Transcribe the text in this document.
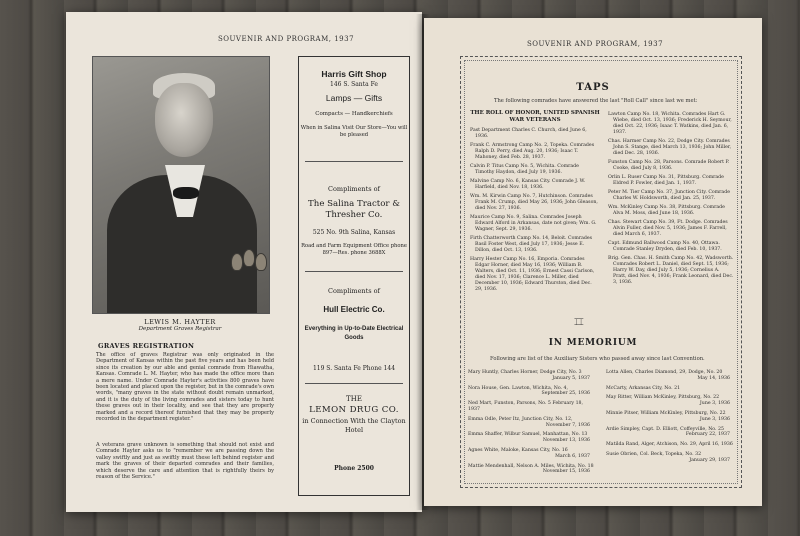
SOUVENIR AND PROGRAM, 1937
LEWIS M. HAYTER
Department Graves Registrar
GRAVES REGISTRATION
The office of graves Registrar was only originated in the Department of Kansas within the past five years and has been held since its creation by our able and genial comrade from Hiawatha, Kansas. Comrade L. M. Hayter, who has made the office more than a mere name. Under Comrade Hayter's activities 800 graves have been located and placed upon the register, but in the comrade's own words, "many graves in the state without doubt remain unmarked, and it is the duty of the living comrades and sisters today to hunt these graves out in their locality, and see that they are properly marked and a record thereof furnished that they may be properly recorded in the department register."
A veterans grave unknown is something that should not exist and Comrade Hayter asks us to "remember we are passing down the valley swiftly and just as swiftly must these left behind register and mark the graves of their departed comrades and their families, which deserve the care and attention that is rightfully theirs by reason of the Service."
Harris Gift Shop
146 S. Santa Fe
Lamps — Gifts
Compacts — Handkerchiefs
When in Salina Visit Our Store—You will be pleased
Compliments of
The Salina Tractor & Thresher Co.
525 No. 9th Salina, Kansas
Road and Farm Equipment Office phone 897—Res. phone 3688X
Compliments of
Hull Electric Co.
Everything in Up-to-Date Electrical Goods
119 S. Santa Fe Phone 144
THE
LEMON DRUG CO.
in Connection With the Clayton Hotel
Phone 2500
SOUVENIR AND PROGRAM, 1937
TAPS
The following comrades have answered the last "Roll Call" since last we met:
THE ROLL OF HONOR, UNITED SPANISH WAR VETERANS

Past Department Charles C. Church, died June 6, 1936.

Frank C. Armstrong Camp No. 2, Topeka. Comrades Ralph D. Perry, died Aug. 20, 1936; Isaac T. Mahoney, died Feb. 28, 1937.

Calvin P. Titus Camp No. 5, Wichita. Comrade Timothy Haydon, died July 19, 1936.

Malvine Camp No. 6, Kansas City. Comrade J. W. Harfield, died Nov. 18, 1936.

Wm. M. Kirwin Camp No. 7, Hutchinson. Comrades Frank M. Crump, died May 26, 1936; John Gleason, died Nov. 27, 1936.

Maurice Camp No. 9, Salina. Comrades Joseph Edward Alford in Arkansas, date not given; Wm. G. Wagner, Sept. 29, 1936.

Firth Chatterworth Camp No. 14, Beloit. Comrades Basil Foster West, died July 17, 1936; Jesse E. Dillon, died Oct. 13, 1936.

Harry Hester Camp No. 16, Emporia. Comrades Edgar Horner, died May 16, 1936; William B. Walters, died Oct. 11, 1936; Ernest Cassi Carlson, died Nov. 17, 1936; Clarence L. Miller, died December 10, 1936; Edward Thurston, died Dec. 29, 1936.

Lawton Camp No. 18, Wichita. Comrades Hart G. Wiebe, died Oct. 13, 1936; Frederick H. Seymour, died Oct. 22, 1936; Isaac T. Watkins, died Jan. 6, 1937.

Chas. Harmer Camp No. 22, Dodge City. Comrades John S. Stange, died March 13, 1936; John Miller, died Dec. 28, 1936.

Funston Camp No. 28, Parsons. Comrade Robert P. Cooke, died July 8, 1936.

Orlin L. Ruser Camp No. 31, Pittsburg. Comrade Eldred P. Fowler, died Jan. 1, 1937.

Peter M. Tier Camp No. 37, Junction City. Comrade Charles W. Holdsworth, died Jan. 25, 1937.

Wm. McKinley Camp No. 38, Pittsburg. Comrade Alva M. Moss, died June 18, 1936.

Chas. Stewart Camp No. 39, Ft. Dodge. Comrades Alvin Fuller, died Nov. 5, 1936; James F. Farrell, died March 6, 1937.

Capt. Edmund Ballwood Camp No. 40, Ottawa. Comrade Stanley Dryden, died Feb. 10, 1937.

Brig. Gen. Chas. H. Smith Camp No. 42, Wadsworth. Comrades Robert L. Daniel, died Sept. 15, 1936; Harry W. Day, died July 5, 1936; Cornelius A. Pratt, died Nov. 4, 1936; Frank Leonard, died Dec. 3, 1936.

⌶⌶
IN MEMORIUM
Following are list of the Auxiliary Sisters who passed away since last Convention.

Mary Huntly, Charles Horner, Dodge City, No. 3
January 5, 1937

Nora House, Gen. Lawton, Wichita, No. 4,
September 25, 1936

Ned Mart, Funston, Parsons, No. 5 February 18, 1937

Emma Odle, Peter Itz, Junction City, No. 12,
November 7, 1936

Emma Shaffer, Wilbur Samuel, Manhattan, No. 13
November 13, 1936

Agnes White, Maloke, Kansas City, No. 16
March 6, 1937

Mattie Mendenhall, Nelson A. Miles, Wichita, No. 18
November 15, 1936

Lotta Allen, Charles Diamond, 29, Dodge, No. 20
May 14, 1936

McCarty, Arkansas City, No. 21

May Ritter, William McKinley, Pittsburg, No. 22
June 3, 1936

Minnie Pitser, William McKinley, Pittsburg, No. 22
June 3, 1936

Ardie Simpley, Capt. D. Elliott, Coffeyville, No. 25
February 22, 1937

Matilda Rand, Alger, Atchison, No. 29, April 16, 1936

Susie Obrien, Col. Beck, Topeka, No. 32
January 29, 1937
